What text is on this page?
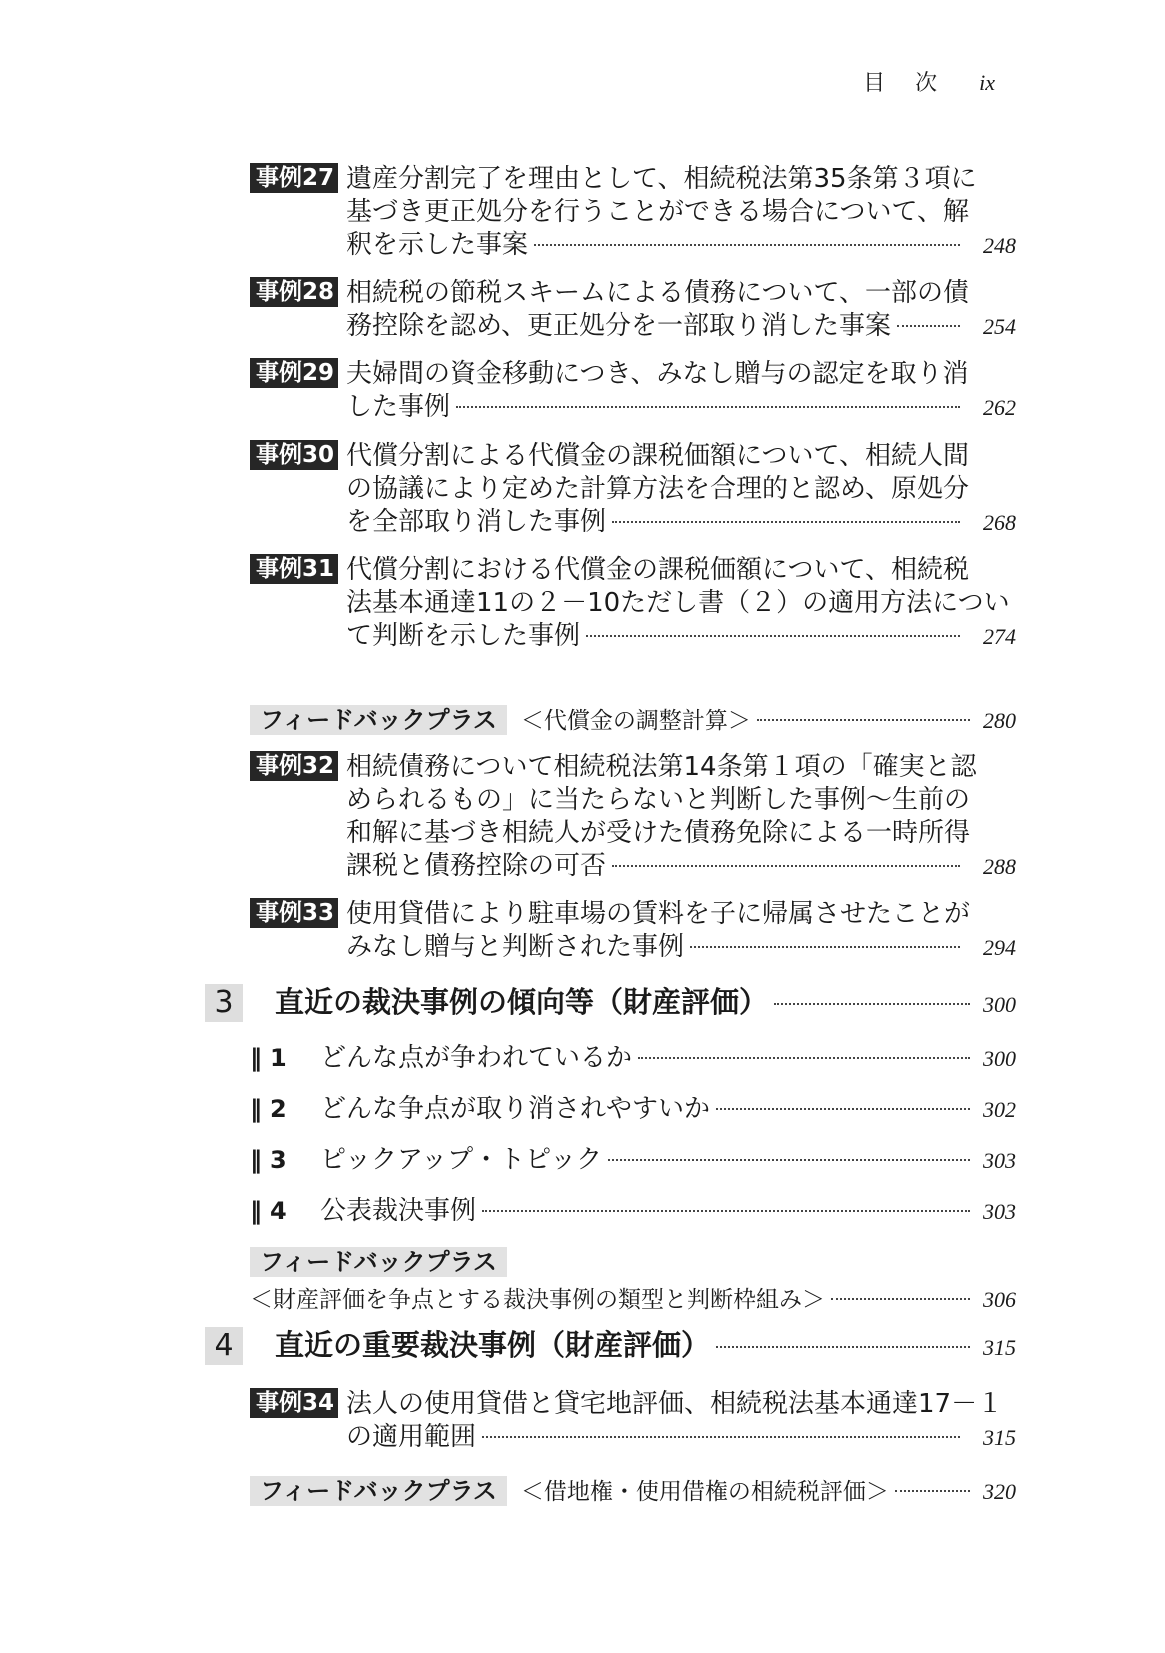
目　次 ix
事例27 遺産分割完了を理由として、相続税法第35条第３項に
基づき更正処分を行うことができる場合について、解
釈を示した事案	248
事例28 相続税の節税スキームによる債務について、一部の債
務控除を認め、更正処分を一部取り消した事案	254
事例29 夫婦間の資金移動につき、みなし贈与の認定を取り消
した事例	262
事例30 代償分割による代償金の課税価額について、相続人間
の協議により定めた計算方法を合理的と認め、原処分
を全部取り消した事例	268
事例31 代償分割における代償金の課税価額について、相続税
法基本通達11の２－10ただし書（２）の適用方法につい
て判断を示した事例	274
フィードバックプラス	＜代償金の調整計算＞	280
事例32 相続債務について相続税法第14条第１項の「確実と認
められるもの」に当たらないと判断した事例～生前の
和解に基づき相続人が受けた債務免除による一時所得
課税と債務控除の可否	288
事例33 使用貸借により駐車場の賃料を子に帰属させたことが
みなし贈与と判断された事例	294
3	直近の裁決事例の傾向等（財産評価）	300
‖ 1	どんな点が争われているか	300
‖ 2	どんな争点が取り消されやすいか	302
‖ 3	ピックアップ・トピック	303
‖ 4	公表裁決事例	303
フィードバックプラス
＜財産評価を争点とする裁決事例の類型と判断枠組み＞	306
4	直近の重要裁決事例（財産評価）	315
事例34 法人の使用貸借と貸宅地評価、相続税法基本通達17－１
の適用範囲	315
フィードバックプラス	＜借地権・使用借権の相続税評価＞	320
